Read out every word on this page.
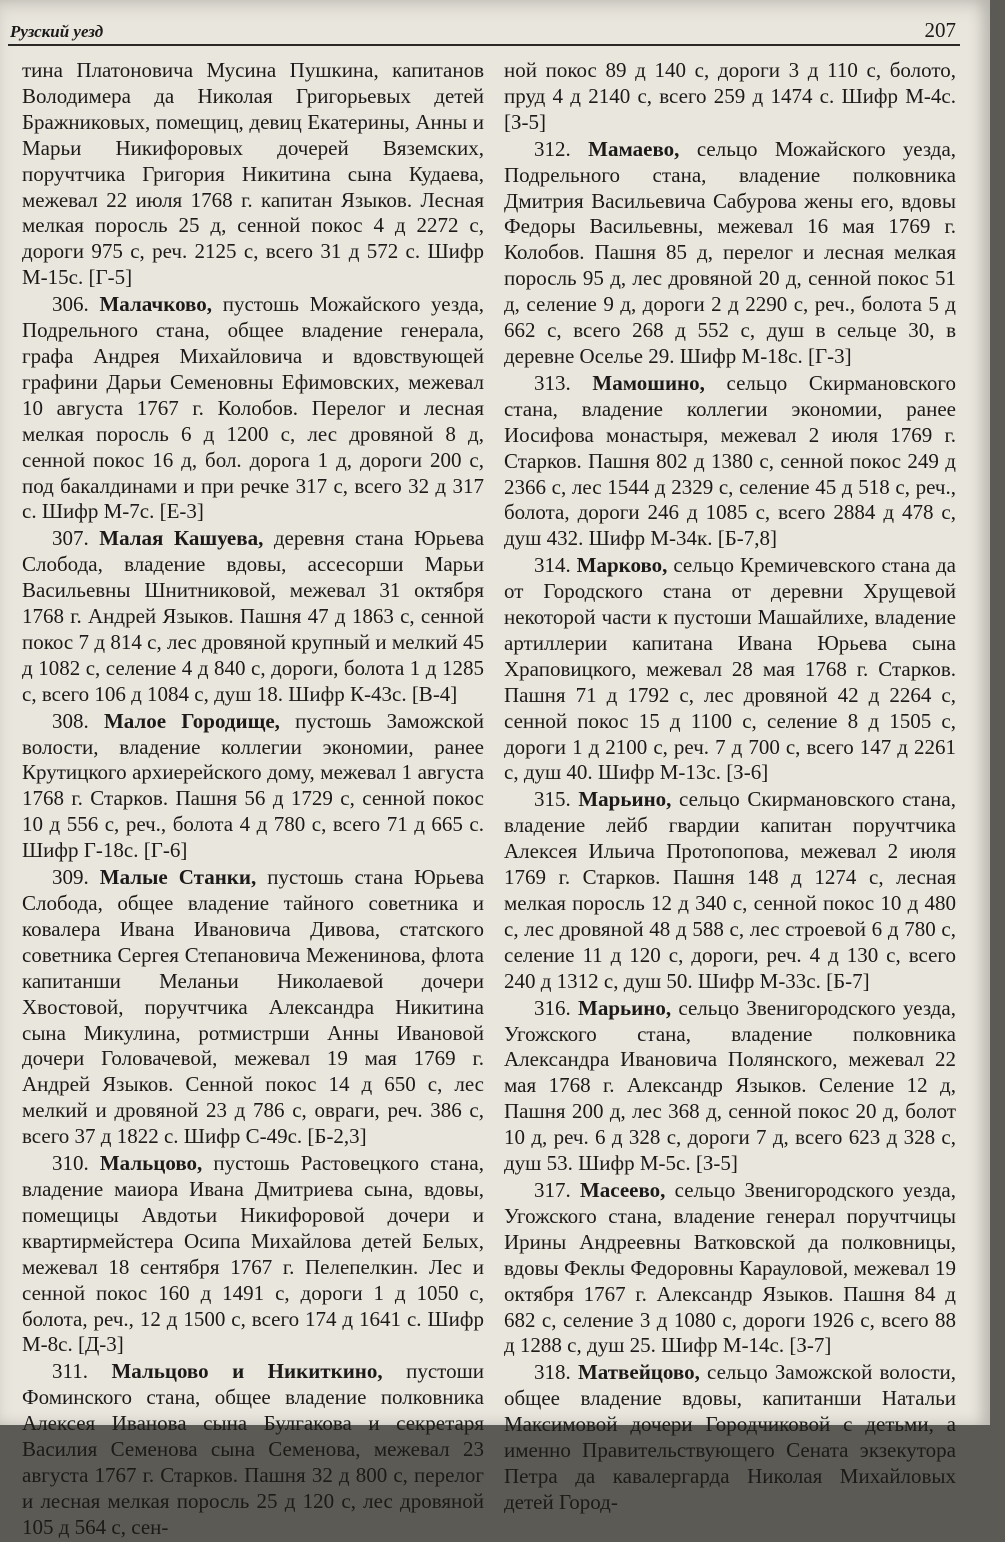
Рузский уезд	207

тина Платоновича Мусина Пушкина, капитанов Володимера да Николая Григорьевых детей Бражниковых, помещиц, девиц Екатерины, Анны и Марьи Никифоровых дочерей Вяземских, поручтчика Григория Никитина сына Кудаева, межевал 22 июля 1768 г. капитан Языков. Лесная мелкая поросль 25 д, сенной покос 4 д 2272 с, дороги 975 с, реч. 2125 с, всего 31 д 572 с. Шифр М-15с. [Г-5]

306. Малачково, пустошь Можайского уезда, Подрельного стана, общее владение генерала, графа Андрея Михайловича и вдовствующей графини Дарьи Семеновны Ефимовских, межевал 10 августа 1767 г. Колобов. Перелог и лесная мелкая поросль 6 д 1200 с, лес дровяной 8 д, сенной покос 16 д, бол. дорога 1 д, дороги 200 с, под бакалдинами и при речке 317 с, всего 32 д 317 с. Шифр М-7с. [Е-3]

307. Малая Кашуева, деревня стана Юрьева Слобода, владение вдовы, ассесорши Марьи Васильевны Шнитниковой, межевал 31 октября 1768 г. Андрей Языков. Пашня 47 д 1863 с, сенной покос 7 д 814 с, лес дровяной крупный и мелкий 45 д 1082 с, селение 4 д 840 с, дороги, болота 1 д 1285 с, всего 106 д 1084 с, душ 18. Шифр К-43с. [В-4]

308. Малое Городище, пустошь Заможской волости, владение коллегии экономии, ранее Крутицкого архиерейского дому, межевал 1 августа 1768 г. Старков. Пашня 56 д 1729 с, сенной покос 10 д 556 с, реч., болота 4 д 780 с, всего 71 д 665 с. Шифр Г-18с. [Г-6]

309. Малые Станки, пустошь стана Юрьева Слобода, общее владение тайного советника и ковалера Ивана Ивановича Дивова, статского советника Сергея Степановича Меженинова, флота капитанши Меланьи Николаевой дочери Хвостовой, поручтчика Александра Никитина сына Микулина, ротмистрши Анны Ивановой дочери Головачевой, межевал 19 мая 1769 г. Андрей Языков. Сенной покос 14 д 650 с, лес мелкий и дровяной 23 д 786 с, овраги, реч. 386 с, всего 37 д 1822 с. Шифр С-49с. [Б-2,3]

310. Мальцово, пустошь Растовецкого стана, владение маиора Ивана Дмитриева сына, вдовы, помещицы Авдотьи Никифоровой дочери и квартирмейстера Осипа Михайлова детей Белых, межевал 18 сентября 1767 г. Пелепелкин. Лес и сенной покос 160 д 1491 с, дороги 1 д 1050 с, болота, реч., 12 д 1500 с, всего 174 д 1641 с. Шифр М-8с. [Д-3]

311. Мальцово и Никиткино, пустоши Фоминского стана, общее владение полковника Алексея Иванова сына Булгакова и секретаря Василия Семенова сына Семенова, межевал 23 августа 1767 г. Старков. Пашня 32 д 800 с, перелог и лесная мелкая поросль 25 д 120 с, лес дровяной 105 д 564 с, сен-

ной покос 89 д 140 с, дороги 3 д 110 с, болото, пруд 4 д 2140 с, всего 259 д 1474 с. Шифр М-4с. [З-5]

312. Мамаево, сельцо Можайского уезда, Подрельного стана, владение полковника Дмитрия Васильевича Сабурова жены его, вдовы Федоры Васильевны, межевал 16 мая 1769 г. Колобов. Пашня 85 д, перелог и лесная мелкая поросль 95 д, лес дровяной 20 д, сенной покос 51 д, селение 9 д, дороги 2 д 2290 с, реч., болота 5 д 662 с, всего 268 д 552 с, душ в сельце 30, в деревне Оселье 29. Шифр М-18с. [Г-3]

313. Мамошино, сельцо Скирмановского стана, владение коллегии экономии, ранее Иосифова монастыря, межевал 2 июля 1769 г. Старков. Пашня 802 д 1380 с, сенной покос 249 д 2366 с, лес 1544 д 2329 с, селение 45 д 518 с, реч., болота, дороги 246 д 1085 с, всего 2884 д 478 с, душ 432. Шифр М-34к. [Б-7,8]

314. Марково, сельцо Кремичевского стана да от Городского стана от деревни Хрущевой некоторой части к пустоши Машайлихе, владение артиллерии капитана Ивана Юрьева сына Храповицкого, межевал 28 мая 1768 г. Старков. Пашня 71 д 1792 с, лес дровяной 42 д 2264 с, сенной покос 15 д 1100 с, селение 8 д 1505 с, дороги 1 д 2100 с, реч. 7 д 700 с, всего 147 д 2261 с, душ 40. Шифр М-13с. [З-6]

315. Марьино, сельцо Скирмановского стана, владение лейб гвардии капитан поручтчика Алексея Ильича Протопопова, межевал 2 июля 1769 г. Старков. Пашня 148 д 1274 с, лесная мелкая поросль 12 д 340 с, сенной покос 10 д 480 с, лес дровяной 48 д 588 с, лес строевой 6 д 780 с, селение 11 д 120 с, дороги, реч. 4 д 130 с, всего 240 д 1312 с, душ 50. Шифр М-33с. [Б-7]

316. Марьино, сельцо Звенигородского уезда, Угожского стана, владение полковника Александра Ивановича Полянского, межевал 22 мая 1768 г. Александр Языков. Селение 12 д, Пашня 200 д, лес 368 д, сенной покос 20 д, болот 10 д, реч. 6 д 328 с, дороги 7 д, всего 623 д 328 с, душ 53. Шифр М-5с. [З-5]

317. Масеево, сельцо Звенигородского уезда, Угожского стана, владение генерал поручтчицы Ирины Андреевны Ватковской да полковницы, вдовы Феклы Федоровны Карауловой, межевал 19 октября 1767 г. Александр Языков. Пашня 84 д 682 с, селение 3 д 1080 с, дороги 1926 с, всего 88 д 1288 с, душ 25. Шифр М-14с. [З-7]

318. Матвейцово, сельцо Заможской волости, общее владение вдовы, капитанши Натальи Максимовой дочери Городчиковой с детьми, а именно Правительствующего Сената экзекутора Петра да кавалергарда Николая Михайловых детей Город-
